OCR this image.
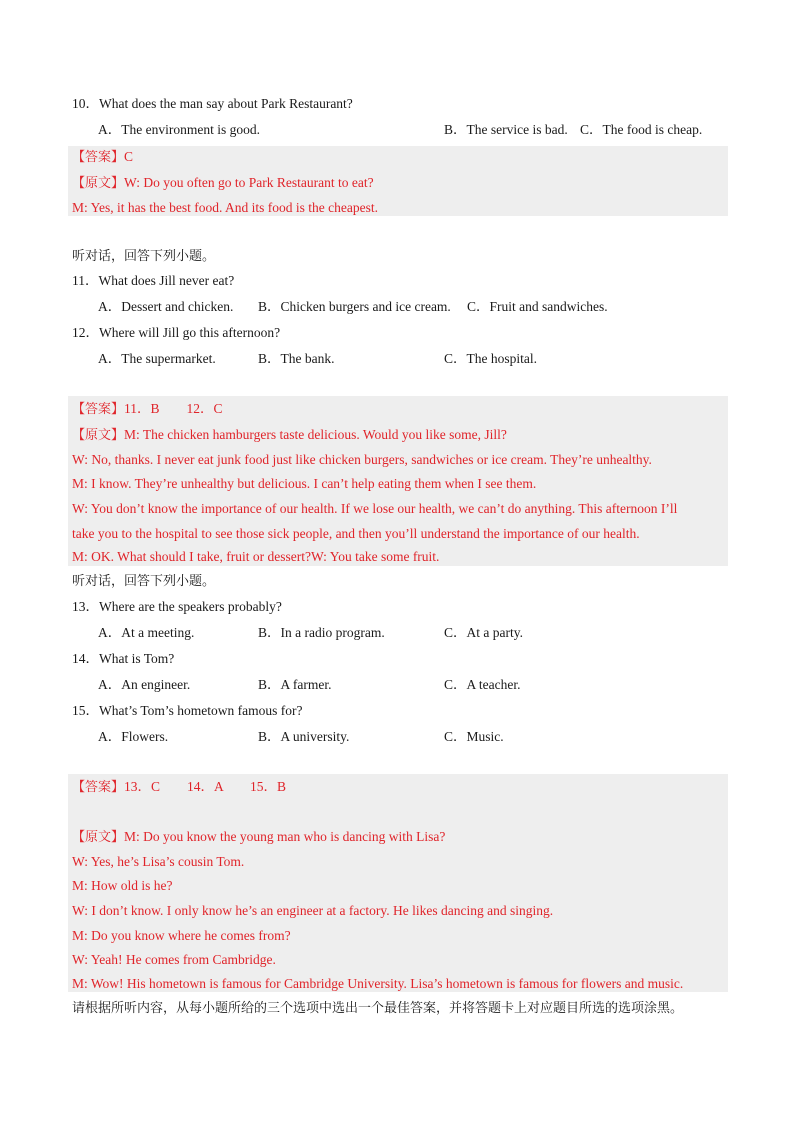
10．What does the man say about Park Restaurant?
A．The environment is good.	B．The service is bad. C．The food is cheap.
【答案】C
【原文】W: Do you often go to Park Restaurant to eat?
M: Yes, it has the best food. And its food is the cheapest.
听对话，回答下列小题。
11．What does Jill never eat?
A．Dessert and chicken. B．Chicken burgers and ice cream. C．Fruit and sandwiches.
12．Where will Jill go this afternoon?
A．The supermarket.	B．The bank.	C．The hospital.
【答案】11．B　　12．C
【原文】M: The chicken hamburgers taste delicious. Would you like some, Jill?
W: No, thanks. I never eat junk food just like chicken burgers, sandwiches or ice cream. They’re unhealthy.
M: I know. They’re unhealthy but delicious. I can’t help eating them when I see them.
W: You don’t know the importance of our health. If we lose our health, we can’t do anything. This afternoon I’ll
take you to the hospital to see those sick people, and then you’ll understand the importance of our health.
M: OK. What should I take, fruit or dessert?W: You take some fruit.
听对话，回答下列小题。
13．Where are the speakers probably?
A．At a meeting.	B．In a radio program.	C．At a party.
14．What is Tom?
A．An engineer.	B．A farmer.	C．A teacher.
15．What’s Tom’s hometown famous for?
A．Flowers.	B．A university.	C．Music.
【答案】13．C　　14．A　　15．B
【原文】M: Do you know the young man who is dancing with Lisa?
W: Yes, he’s Lisa’s cousin Tom.
M: How old is he?
W: I don’t know. I only know he’s an engineer at a factory. He likes dancing and singing.
M: Do you know where he comes from?
W: Yeah! He comes from Cambridge.
M: Wow! His hometown is famous for Cambridge University. Lisa’s hometown is famous for flowers and music.
请根据所听内容，从每小题所给的三个选项中选出一个最佳答案，并将答题卡上对应题目所选的选项涂黑。
